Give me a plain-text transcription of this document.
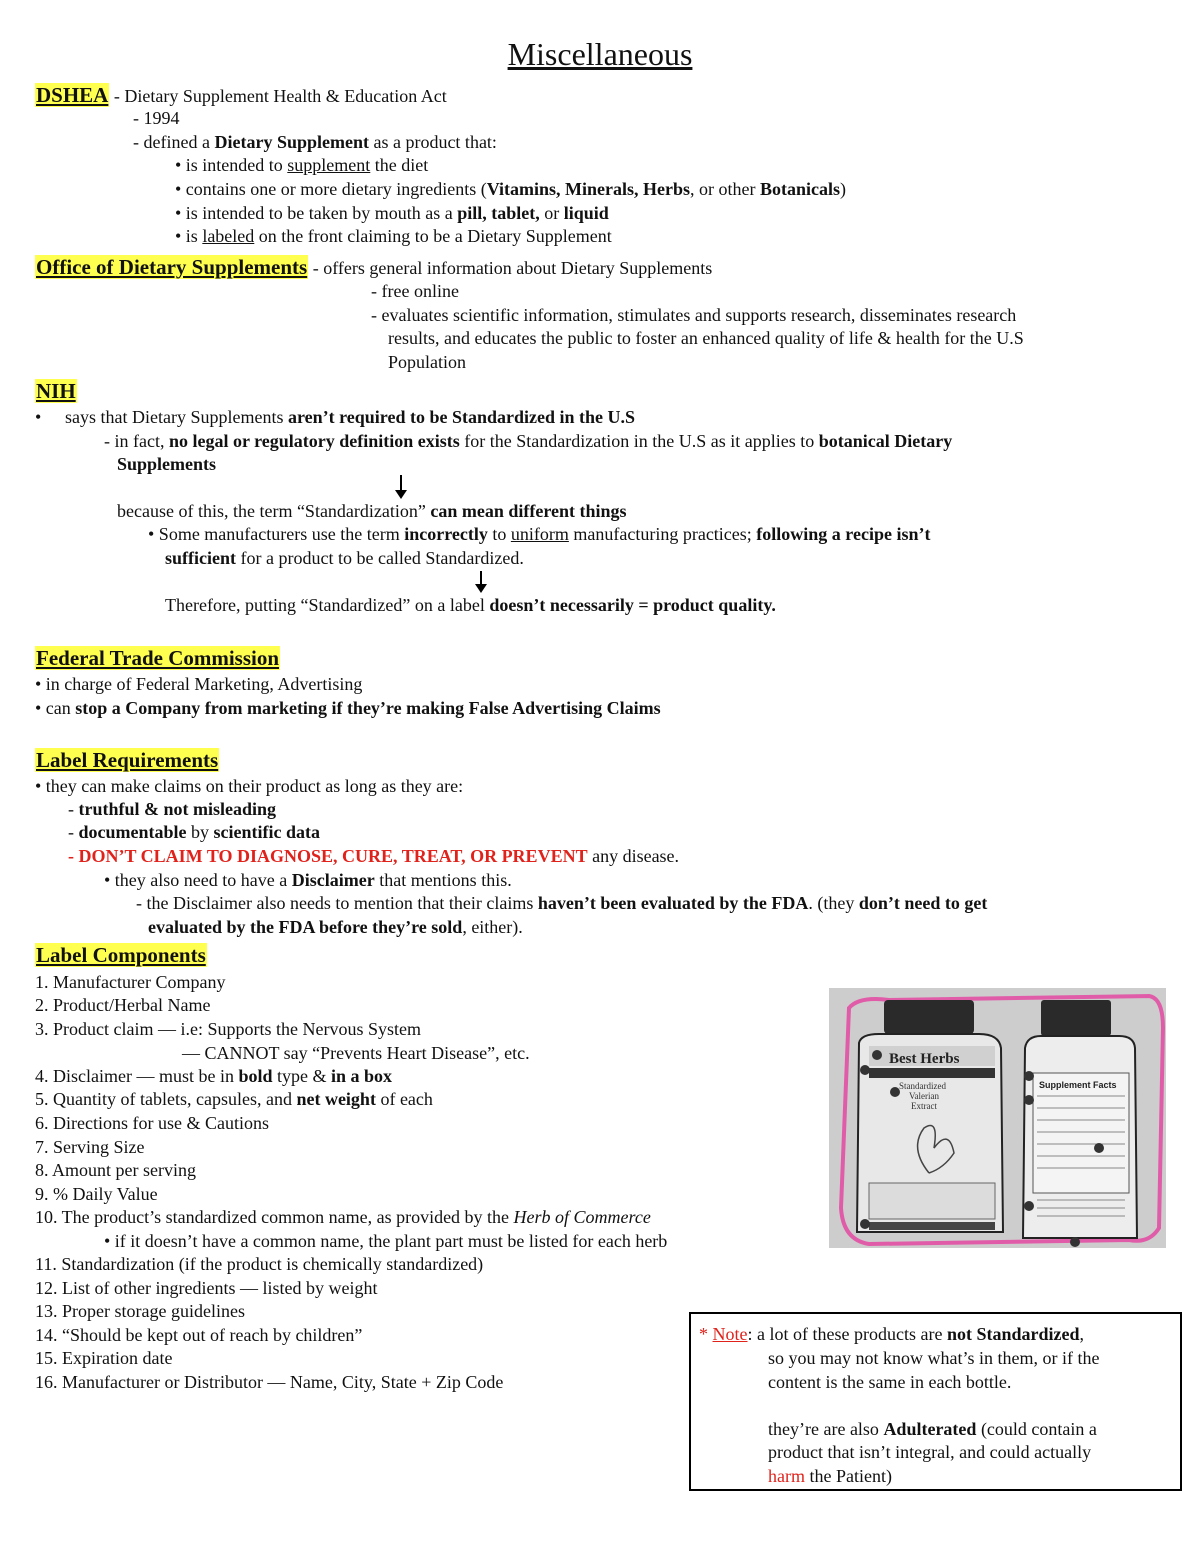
Miscellaneous
DSHEA - Dietary Supplement Health & Education Act
- 1994
- defined a Dietary Supplement as a product that:
• is intended to supplement the diet
• contains one or more dietary ingredients (Vitamins, Minerals, Herbs, or other Botanicals)
• is intended to be taken by mouth as a pill, tablet, or liquid
• is labeled on the front claiming to be a Dietary Supplement
Office of Dietary Supplements - offers general information about Dietary Supplements
- free online
- evaluates scientific information, stimulates and supports research, disseminates research
results, and educates the public to foster an enhanced quality of life & health for the U.S
Population
NIH
• says that Dietary Supplements aren’t required to be Standardized in the U.S
- in fact, no legal or regulatory definition exists for the Standardization in the U.S as it applies to botanical Dietary
Supplements
because of this, the term “Standardization” can mean different things
• Some manufacturers use the term incorrectly to uniform manufacturing practices; following a recipe isn’t
sufficient for a product to be called Standardized.
Therefore, putting “Standardized” on a label doesn’t necessarily = product quality.
Federal Trade Commission
• in charge of Federal Marketing, Advertising
• can stop a Company from marketing if they’re making False Advertising Claims
Label Requirements
• they can make claims on their product as long as they are:
- truthful & not misleading
- documentable by scientific data
- DON’T CLAIM TO DIAGNOSE, CURE, TREAT, OR PREVENT any disease.
• they also need to have a Disclaimer that mentions this.
- the Disclaimer also needs to mention that their claims haven’t been evaluated by the FDA. (they don’t need to get
evaluated by the FDA before they’re sold, either).
Label Components
1. Manufacturer Company
2. Product/Herbal Name
3. Product claim — i.e: Supports the Nervous System
— CANNOT say “Prevents Heart Disease”, etc.
4. Disclaimer — must be in bold type & in a box
5. Quantity of tablets, capsules, and net weight of each
6. Directions for use & Cautions
7. Serving Size
8. Amount per serving
9. % Daily Value
10. The product’s standardized common name, as provided by the Herb of Commerce
• if it doesn’t have a common name, the plant part must be listed for each herb
11. Standardization (if the product is chemically standardized)
12. List of other ingredients — listed by weight
13. Proper storage guidelines
14. “Should be kept out of reach by children”
15. Expiration date
16. Manufacturer or Distributor — Name, City, State + Zip Code
Best Herbs
Standardized
Valerian
Extract
Supplement Facts
* Note: a lot of these products are not Standardized,
so you may not know what’s in them, or if the
content is the same in each bottle.
they’re are also Adulterated (could contain a
product that isn’t integral, and could actually
harm the Patient)
